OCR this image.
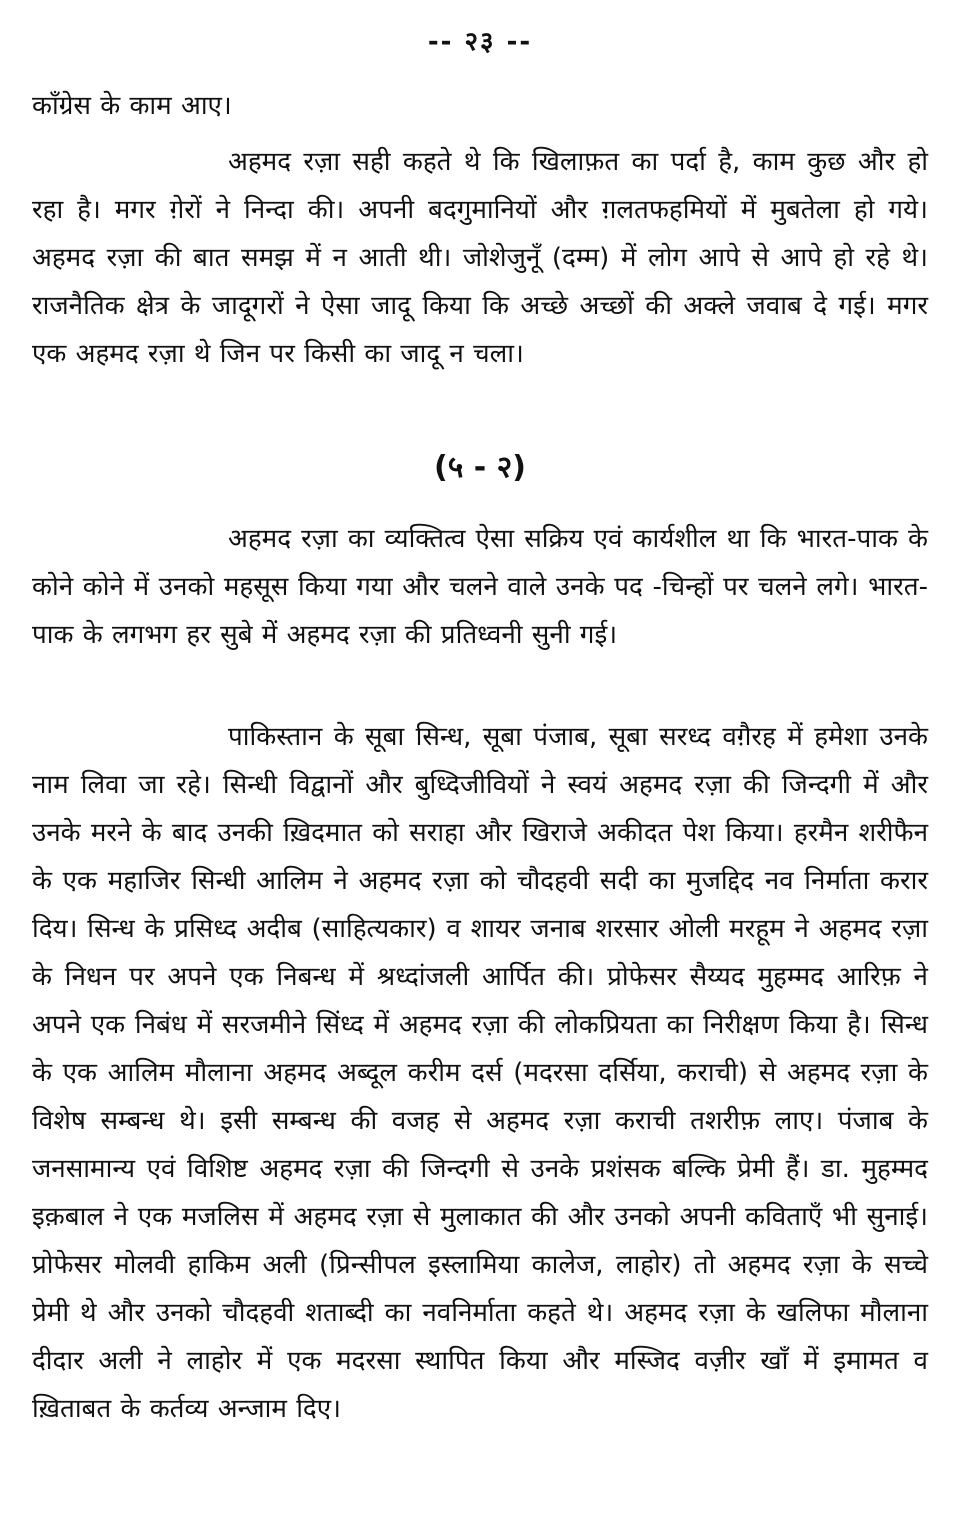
-- २३ --

कॉंग्रेस के काम आए।

अहमद रज़ा सही कहते थे कि खिलाफ़त का पर्दा है, काम कुछ और हो रहा है। मगर ग़ेरों ने निन्दा की। अपनी बदगुमानियों और ग़लतफहमियों में मुबतेला हो गये। अहमद रज़ा की बात समझ में न आती थी। जोशेजुनूँ (दम्म) में लोग आपे से आपे हो रहे थे। राजनैतिक क्षेत्र के जादूगरों ने ऐसा जादू किया कि अच्छे अच्छों की अक्ले जवाब दे गई। मगर एक अहमद रज़ा थे जिन पर किसी का जादू न चला।

(५ - २)

अहमद रज़ा का व्यक्तित्व ऐसा सक्रिय एवं कार्यशील था कि भारत-पाक के कोने कोने में उनको महसूस किया गया और चलने वाले उनके पद -चिन्हों पर चलने लगे। भारत-पाक के लगभग हर सुबे में अहमद रज़ा की प्रतिध्वनी सुनी गई।

पाकिस्तान के सूबा सिन्ध, सूबा पंजाब, सूबा सरध्द वग़ैरह में हमेशा उनके नाम लिवा जा रहे। सिन्धी विद्वानों और बुध्दिजीवियों ने स्वयं अहमद रज़ा की जिन्दगी में और उनके मरने के बाद उनकी ख़िदमात को सराहा और खिराजे अकीदत पेश किया। हरमैन शरीफैन के एक महाजिर सिन्धी आलिम ने अहमद रज़ा को चौदहवी सदी का मुजद्दिद नव निर्माता करार दिय। सिन्ध के प्रसिध्द अदीब (साहित्यकार) व शायर जनाब शरसार ओली मरहूम ने अहमद रज़ा के निधन पर अपने एक निबन्ध में श्रध्दांजली आर्पित की। प्रोफेसर सैय्यद मुहम्मद आरिफ़ ने अपने एक निबंध में सरजमीने सिंध्द में अहमद रज़ा की लोकप्रियता का निरीक्षण किया है। सिन्ध के एक आलिम मौलाना अहमद अब्दूल करीम दर्स (मदरसा दर्सिया, कराची) से अहमद रज़ा के विशेष सम्बन्ध थे। इसी सम्बन्ध की वजह से अहमद रज़ा कराची तशरीफ़ लाए। पंजाब के जनसामान्य एवं विशिष्ट अहमद रज़ा की जिन्दगी से उनके प्रशंसक बल्कि प्रेमी हैं। डा. मुहम्मद इक़बाल ने एक मजलिस में अहमद रज़ा से मुलाकात की और उनको अपनी कविताएँ भी सुनाई। प्रोफेसर मोलवी हाकिम अली (प्रिन्सीपल इस्लामिया कालेज, लाहोर) तो अहमद रज़ा के सच्चे प्रेमी थे और उनको चौदहवी शताब्दी का नवनिर्माता कहते थे। अहमद रज़ा के खलिफा मौलाना दीदार अली ने लाहोर में एक मदरसा स्थापित किया और मस्जिद वज़ीर खाँ में इमामत व ख़िताबत के कर्तव्य अन्जाम दिए।
